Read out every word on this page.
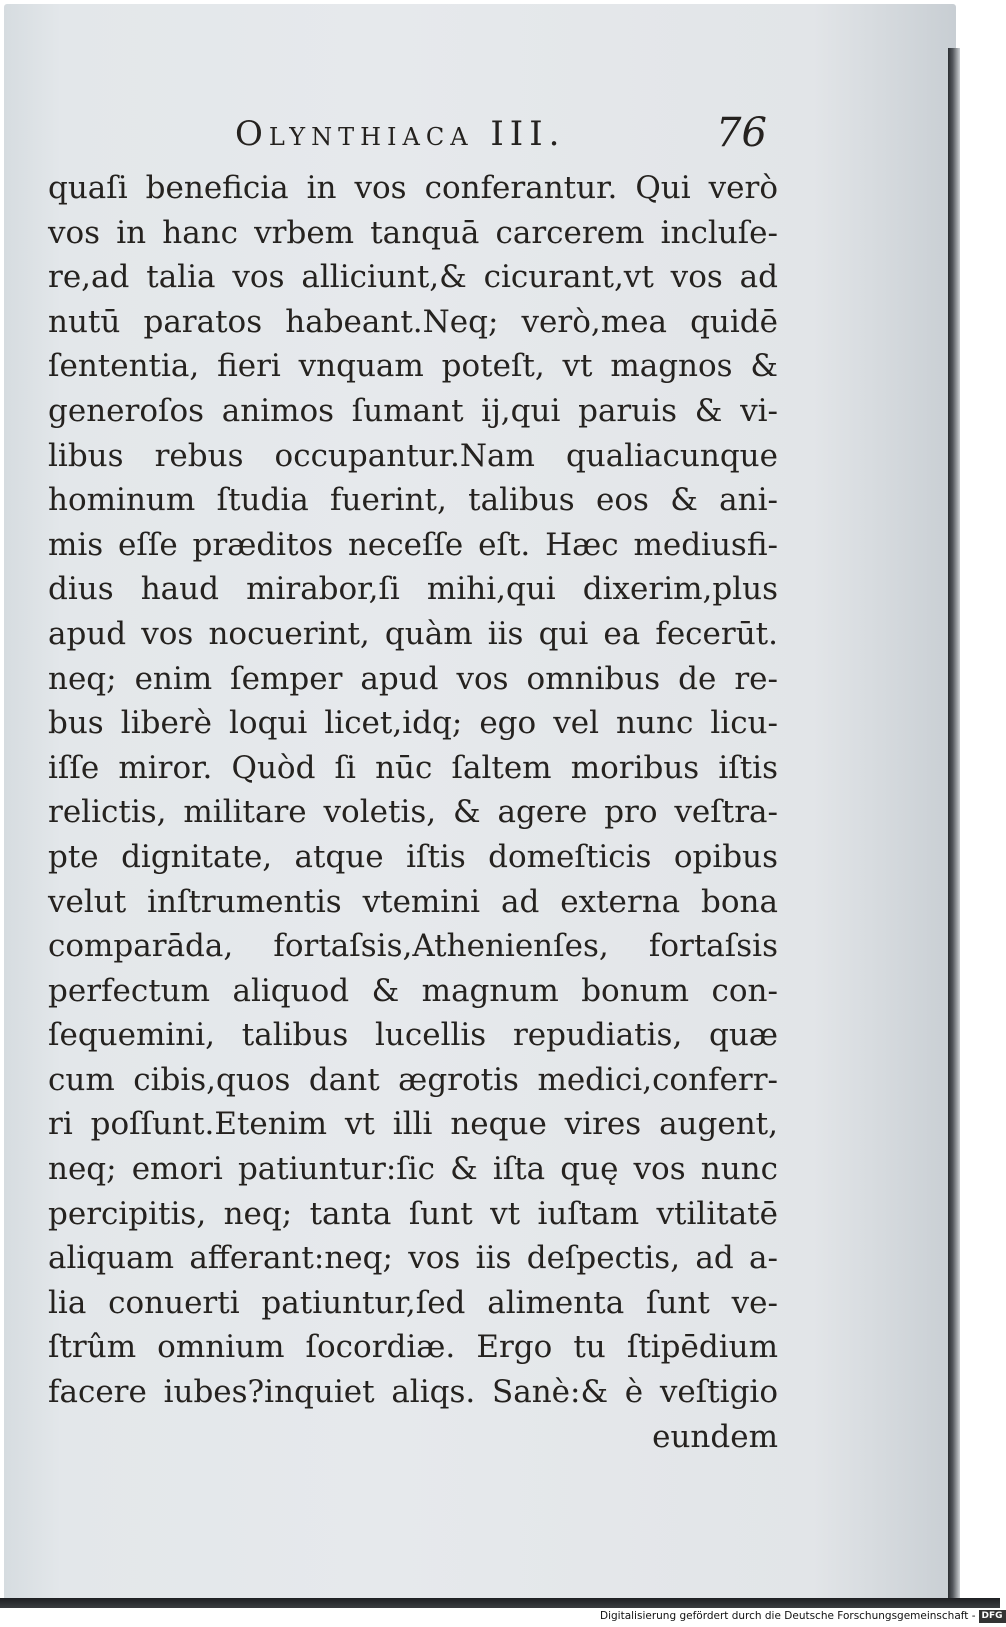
Olynthiaca III.	76
quaſi beneficia in vos conferantur. Qui verò
vos in hanc vrbem tanquā carcerem incluſe-
re,ad talia vos alliciunt,& cicurant,vt vos ad
nutū paratos habeant.Neq; verò,mea quidē
ſententia, fieri vnquam poteſt, vt magnos &
generoſos animos ſumant ij,qui paruis & vi-
libus rebus occupantur.Nam qualiacunque
hominum ſtudia fuerint, talibus eos & ani-
mis eſſe præditos neceſſe eſt. Hæc mediusfi-
dius haud mirabor,ſi mihi,qui dixerim,plus
apud vos nocuerint, quàm iis qui ea fecerūt.
neq; enim ſemper apud vos omnibus de re-
bus liberè loqui licet,idq; ego vel nunc licu-
iſſe miror. Quòd ſi nūc ſaltem moribus iſtis
relictis, militare voletis, & agere pro veſtra-
pte dignitate, atque iſtis domeſticis opibus
velut inſtrumentis vtemini ad externa bona
comparāda, fortaſsis,Athenienſes, fortaſsis
perfectum aliquod & magnum bonum con-
ſequemini, talibus lucellis repudiatis, quæ
cum cibis,quos dant ægrotis medici,conferr-
ri poſſunt.Etenim vt illi neque vires augent,
neq; emori patiuntur:ſic & iſta quę vos nunc
percipitis, neq; tanta ſunt vt iuſtam vtilitatē
aliquam afferant:neq; vos iis deſpectis, ad a-
lia conuerti patiuntur,ſed alimenta ſunt ve-
ſtrûm omnium ſocordiæ. Ergo tu ſtipēdium
facere iubes?inquiet aliqs. Sanè:& è veſtigio
eundem
Digitalisierung gefördert durch die Deutsche Forschungsgemeinschaft - DFG
